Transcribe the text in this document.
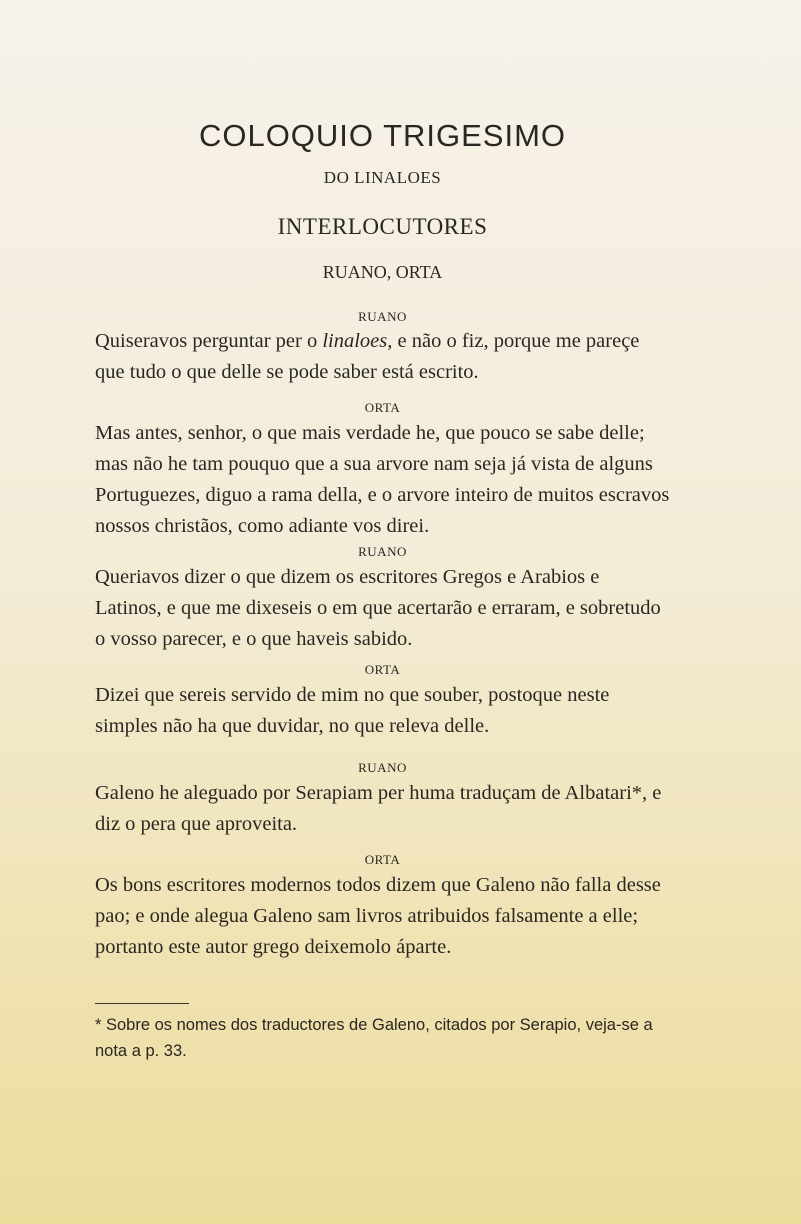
COLOQUIO TRIGESIMO
DO LINALOES
INTERLOCUTORES
RUANO, ORTA
RUANO

Quiseravos perguntar per o linaloes, e não o fiz, porque me pareçe que tudo o que delle se pode saber está escrito.

ORTA

Mas antes, senhor, o que mais verdade he, que pouco se sabe delle; mas não he tam pouquo que a sua arvore nam seja já vista de alguns Portuguezes, diguo a rama della, e o arvore inteiro de muitos escravos nossos christãos, como adiante vos direi.

RUANO

Queriavos dizer o que dizem os escritores Gregos e Arabios e Latinos, e que me dixeseis o em que acertarão e erraram, e sobretudo o vosso parecer, e o que haveis sabido.

ORTA

Dizei que sereis servido de mim no que souber, postoque neste simples não ha que duvidar, no que releva delle.

RUANO

Galeno he aleguado por Serapiam per huma traduçam de Albatari*, e diz o pera que aproveita.

ORTA

Os bons escritores modernos todos dizem que Galeno não falla desse pao; e onde alegua Galeno sam livros atribuidos falsamente a elle; portanto este autor grego deixemolo áparte.

* Sobre os nomes dos traductores de Galeno, citados por Serapio, veja-se a nota a p. 33.
